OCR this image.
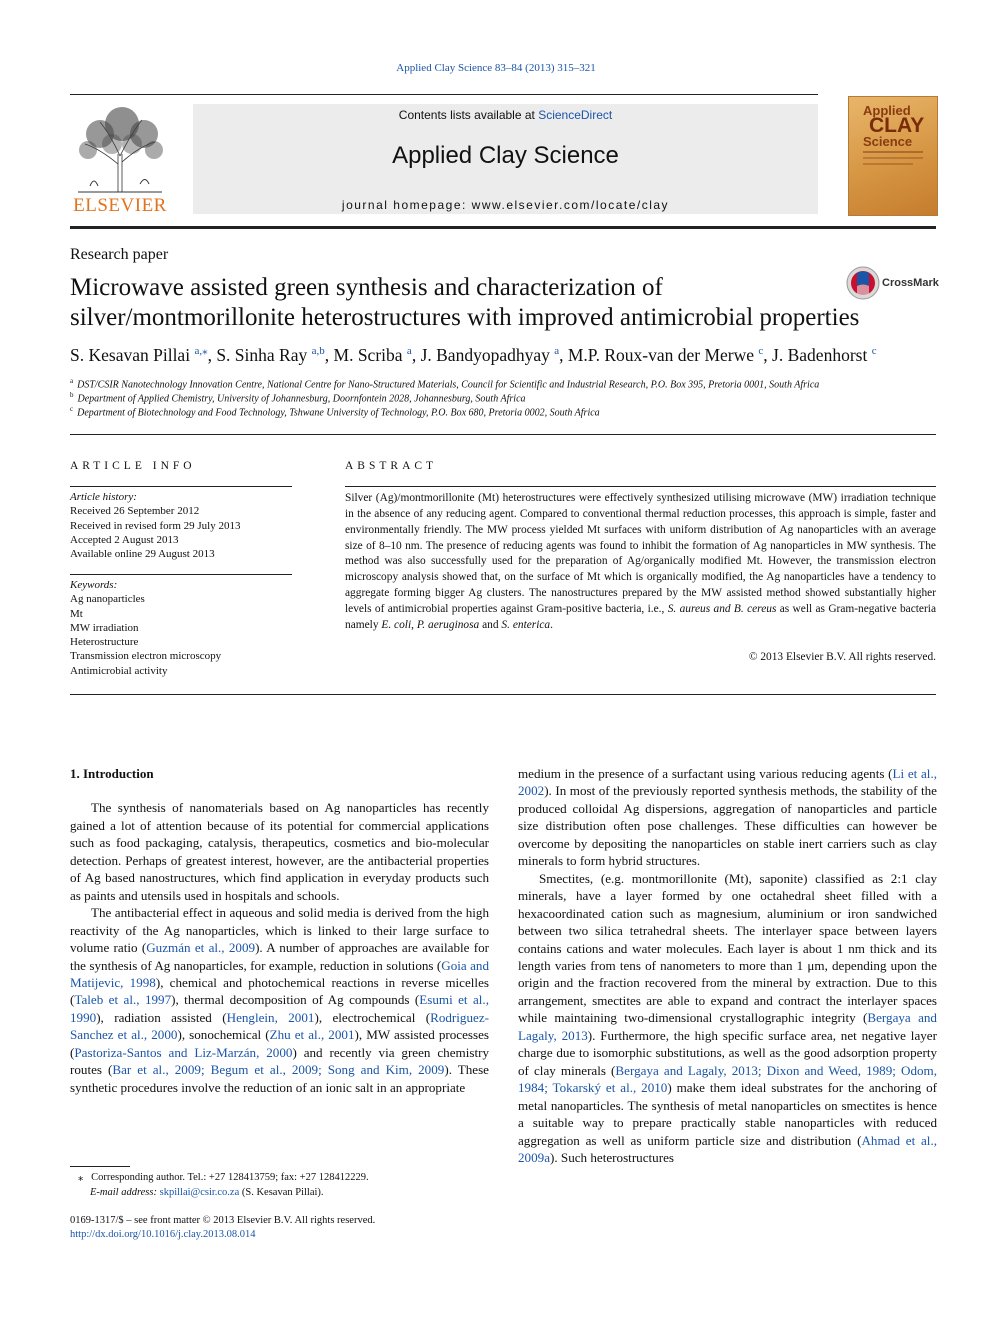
Applied Clay Science 83–84 (2013) 315–321
ELSEVIER
Contents lists available at ScienceDirect
Applied Clay Science
journal homepage: www.elsevier.com/locate/clay
Applied
CLAY
Science
Research paper
Microwave assisted green synthesis and characterization of silver/montmorillonite heterostructures with improved antimicrobial properties
CrossMark
S. Kesavan Pillai $^{a,⁎}$, S. Sinha Ray $^{a,b}$, M. Scriba $^a$, J. Bandyopadhyay $^a$, M.P. Roux-van der Merwe $^c$, J. Badenhorst $^c$
$^a$ DST/CSIR Nanotechnology Innovation Centre, National Centre for Nano-Structured Materials, Council for Scientific and Industrial Research, P.O. Box 395, Pretoria 0001, South Africa
$^b$ Department of Applied Chemistry, University of Johannesburg, Doornfontein 2028, Johannesburg, South Africa
$^c$ Department of Biotechnology and Food Technology, Tshwane University of Technology, P.O. Box 680, Pretoria 0002, South Africa
ARTICLE INFO
Article history:
Received 26 September 2012
Received in revised form 29 July 2013
Accepted 2 August 2013
Available online 29 August 2013
Keywords:
Ag nanoparticles
Mt
MW irradiation
Heterostructure
Transmission electron microscopy
Antimicrobial activity
ABSTRACT
Silver (Ag)/montmorillonite (Mt) heterostructures were effectively synthesized utilising microwave (MW) irradiation technique in the absence of any reducing agent. Compared to conventional thermal reduction processes, this approach is simple, faster and environmentally friendly. The MW process yielded Mt surfaces with uniform distribution of Ag nanoparticles with an average size of 8–10 nm. The presence of reducing agents was found to inhibit the formation of Ag nanoparticles in MW synthesis. The method was also successfully used for the preparation of Ag/organically modified Mt. However, the transmission electron microscopy analysis showed that, on the surface of Mt which is organically modified, the Ag nanoparticles have a tendency to aggregate forming bigger Ag clusters. The nanostructures prepared by the MW assisted method showed substantially higher levels of antimicrobial properties against Gram-positive bacteria, i.e., S. aureus and B. cereus as well as Gram-negative bacteria namely E. coli, P. aeruginosa and S. enterica.
© 2013 Elsevier B.V. All rights reserved.
1. Introduction

The synthesis of nanomaterials based on Ag nanoparticles has recently gained a lot of attention because of its potential for commercial applications such as food packaging, catalysis, therapeutics, cosmetics and bio-molecular detection. Perhaps of greatest interest, however, are the antibacterial properties of Ag based nanostructures, which find application in everyday products such as paints and utensils used in hospitals and schools.

The antibacterial effect in aqueous and solid media is derived from the high reactivity of the Ag nanoparticles, which is linked to their large surface to volume ratio (Guzmán et al., 2009). A number of approaches are available for the synthesis of Ag nanoparticles, for example, reduction in solutions (Goia and Matijevic, 1998), chemical and photochemical reactions in reverse micelles (Taleb et al., 1997), thermal decomposition of Ag compounds (Esumi et al., 1990), radiation assisted (Henglein, 2001), electrochemical (Rodriguez-Sanchez et al., 2000), sonochemical (Zhu et al., 2001), MW assisted processes (Pastoriza-Santos and Liz-Marzán, 2000) and recently via green chemistry routes (Bar et al., 2009; Begum et al., 2009; Song and Kim, 2009). These synthetic procedures involve the reduction of an ionic salt in an appropriate

medium in the presence of a surfactant using various reducing agents (Li et al., 2002). In most of the previously reported synthesis methods, the stability of the produced colloidal Ag dispersions, aggregation of nanoparticles and particle size distribution often pose challenges. These difficulties can however be overcome by depositing the nanoparticles on stable inert carriers such as clay minerals to form hybrid structures.

Smectites, (e.g. montmorillonite (Mt), saponite) classified as 2:1 clay minerals, have a layer formed by one octahedral sheet filled with a hexacoordinated cation such as magnesium, aluminium or iron sandwiched between two silica tetrahedral sheets. The interlayer space between layers contains cations and water molecules. Each layer is about 1 nm thick and its length varies from tens of nanometers to more than 1 μm, depending upon the origin and the fraction recovered from the mineral by extraction. Due to this arrangement, smectites are able to expand and contract the interlayer spaces while maintaining two-dimensional crystallographic integrity (Bergaya and Lagaly, 2013). Furthermore, the high specific surface area, net negative layer charge due to isomorphic substitutions, as well as the good adsorption property of clay minerals (Bergaya and Lagaly, 2013; Dixon and Weed, 1989; Odom, 1984; Tokarský et al., 2010) make them ideal substrates for the anchoring of metal nanoparticles. The synthesis of metal nanoparticles on smectites is hence a suitable way to prepare practically stable nanoparticles with reduced aggregation as well as uniform particle size and distribution (Ahmad et al., 2009a). Such heterostructures

⁎ Corresponding author. Tel.: +27 128413759; fax: +27 128412229.
E-mail address: skpillai@csir.co.za (S. Kesavan Pillai).
0169-1317/$ – see front matter © 2013 Elsevier B.V. All rights reserved.
http://dx.doi.org/10.1016/j.clay.2013.08.014
